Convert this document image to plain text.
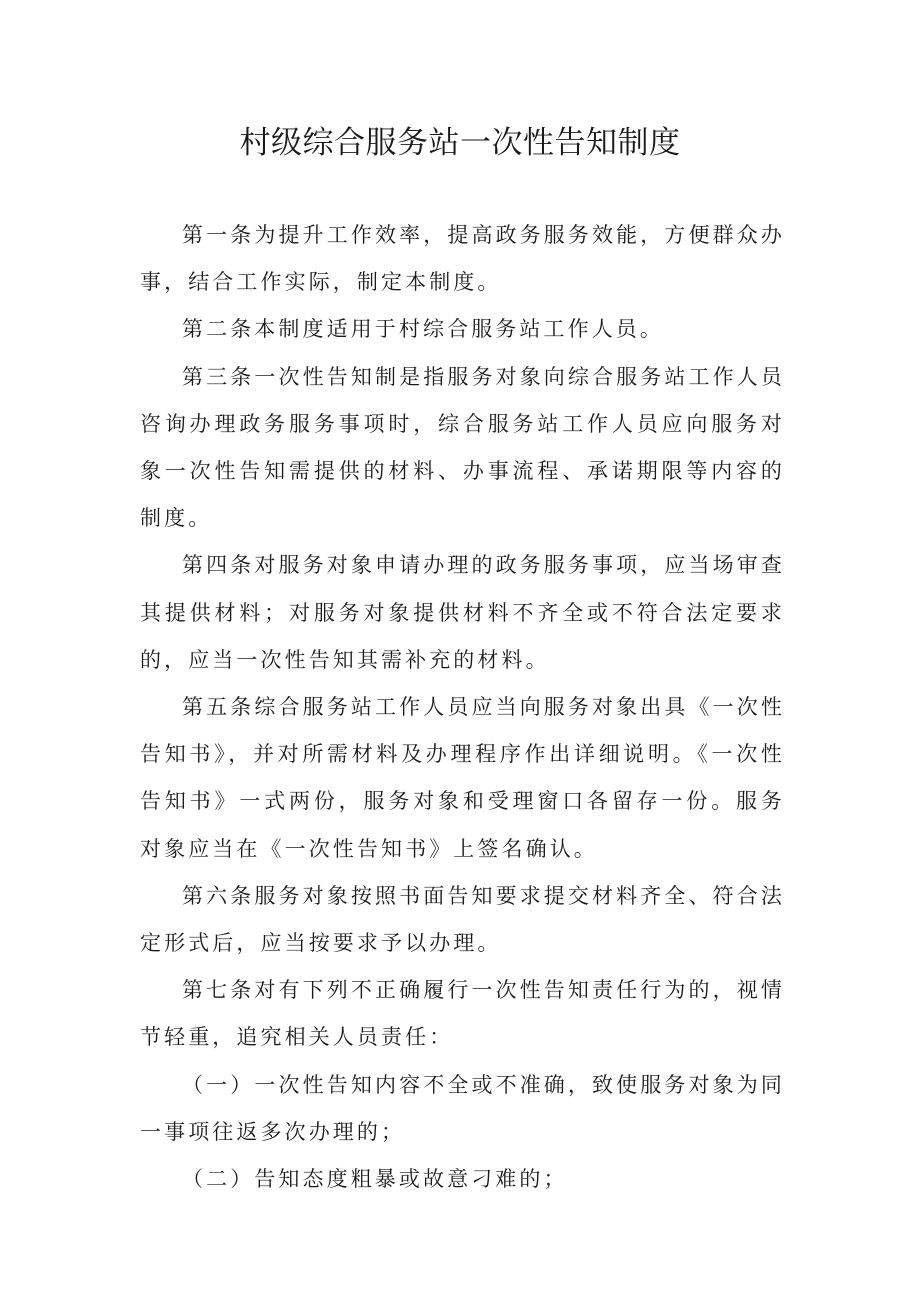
村级综合服务站一次性告知制度

第一条为提升工作效率，提高政务服务效能，方便群众办事，结合工作实际，制定本制度。

第二条本制度适用于村综合服务站工作人员。

第三条一次性告知制是指服务对象向综合服务站工作人员咨询办理政务服务事项时，综合服务站工作人员应向服务对象一次性告知需提供的材料、办事流程、承诺期限等内容的制度。

第四条对服务对象申请办理的政务服务事项，应当场审查其提供材料；对服务对象提供材料不齐全或不符合法定要求的，应当一次性告知其需补充的材料。

第五条综合服务站工作人员应当向服务对象出具《一次性告知书》，并对所需材料及办理程序作出详细说明。《一次性告知书》一式两份，服务对象和受理窗口各留存一份。服务对象应当在《一次性告知书》上签名确认。

第六条服务对象按照书面告知要求提交材料齐全、符合法定形式后，应当按要求予以办理。

第七条对有下列不正确履行一次性告知责任行为的，视情节轻重，追究相关人员责任：

（一）一次性告知内容不全或不准确，致使服务对象为同一事项往返多次办理的；

（二）告知态度粗暴或故意刁难的；
